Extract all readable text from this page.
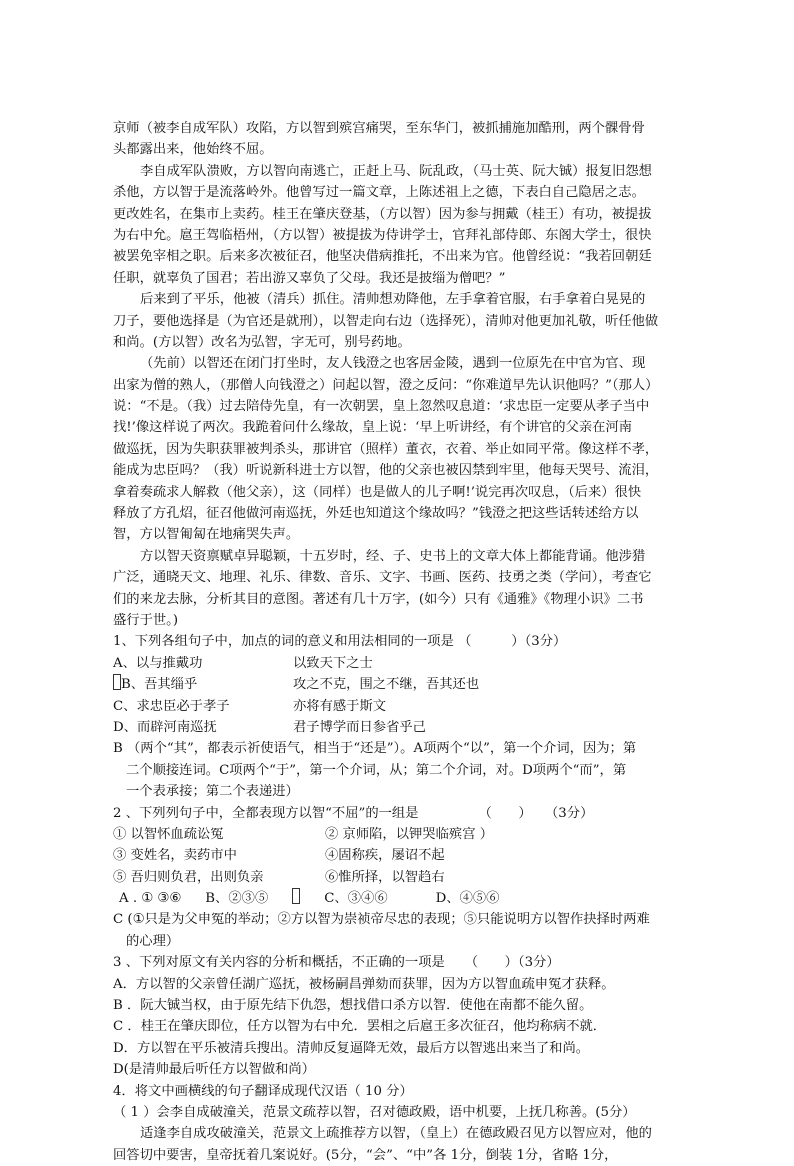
京师（被李自成军队）攻陷，方以智到殡宫痛哭，至东华门，被抓捕施加酷刑，两个髁骨骨
头都露出来，他始终不屈。
李自成军队溃败，方以智向南逃亡，正赶上马、阮乱政，（马士英、阮大铖）报复旧怨想
杀他，方以智于是流落岭外。他曾写过一篇文章，上陈述祖上之德，下表白自己隐居之志。
更改姓名，在集市上卖药。桂王在肇庆登基，（方以智）因为参与拥戴（桂王）有功，被提拔
为右中允。扈王驾临梧州，（方以智）被提拔为侍讲学士，官拜礼部侍郎、东阁大学士，很快
被罢免宰相之职。后来多次被征召，他坚决借病推托，不出来为官。他曾经说：“我若回朝廷
任职，就辜负了国君；若出游又辜负了父母。我还是披缁为僧吧？”
后来到了平乐，他被（清兵）抓住。清帅想劝降他，左手拿着官服，右手拿着白晃晃的
刀子，要他选择是（为官还是就刑），以智走向右边（选择死），清帅对他更加礼敬，听任他做
和尚。(方以智）改名为弘智，字无可，别号药地。
（先前）以智还在闭门打坐时，友人钱澄之也客居金陵，遇到一位原先在中官为官、现
出家为僧的熟人，（那僧人向钱澄之）问起以智，澄之反问：“你难道早先认识他吗？”（那人）
说：“不是。（我）过去陪侍先皇，有一次朝罢，皇上忽然叹息道：‘求忠臣一定要从孝子当中
找!’像这样说了两次。我跪着问什么缘故，皇上说：‘早上听讲经，有个讲官的父亲在河南
做巡抚，因为失职获罪被判杀头，那讲官（照样）董衣，衣着、举止如同平常。像这样不孝，
能成为忠臣吗？（我）听说新科进士方以智，他的父亲也被囚禁到牢里，他每天哭号、流泪，
拿着奏疏求人解救（他父亲），这（同样）也是做人的儿子啊!’说完再次叹息，（后来）很快
释放了方孔炤，征召他做河南巡抚，外廷也知道这个缘故吗？”钱澄之把这些话转述给方以
智，方以智匍匐在地痛哭失声。
方以智天资禀赋卓异聪颖，十五岁时，经、子、史书上的文章大体上都能背诵。他涉猎
广泛，通晓天文、地理、礼乐、律数、音乐、文字、书画、医药、技勇之类（学问），考查它
们的来龙去脉，分析其目的意图。著述有几十万字，(如今）只有《通雅》《物理小识》二书
盛行于世。)
1、下列各组句子中，加点的词的意义和用法相同的一项是 （　　　）（3分）
A、以与推戴功	以致天下之士
B、吾其缁乎	攻之不克，围之不继，吾其还也
C、求忠臣必于孝子	亦将有感于斯文
D、而辟河南巡抚	君子博学而日参省乎己
B （两个“其”，都表示祈使语气，相当于“还是”）。A项两个“以”，第一个介词，因为；第
二个顺接连词。C项两个“于”，第一个介词，从；第二个介词，对。D项两个“而”，第
一个表承接；第二个表递进）
2 、下列列句子中，全都表现方以智“不屈”的一组是	（　　）　　（3分）
① 以智怀血疏讼冤	② 京师陷，以钾哭临殡宫 ）
③ 变姓名，卖药市中	④固称疾，屡诏不起
⑤ 吾归则负君，出则负亲	⑥惟所择，以智趋右
A . ① ③⑥ B、②③⑤	C、③④⑥	D、④⑤⑥
C (①只是为父申冤的举动；②方以智为崇祯帝尽忠的表现；⑤只能说明方以智作抉择时两难
的心理）
3 、下列对原文有关内容的分析和概括，不正确的一项是　　（　　）（3分）
A．方以智的父亲曾任湖广巡抚，被杨嗣昌弹劾而获罪，因为方以智血疏申冤才获释。
B ．阮大铖当权，由于原先结下仇怨，想找借口杀方以智．使他在南都不能久留。
C ．桂王在肇庆即位，任方以智为右中允．罢相之后扈王多次征召，他均称病不就．
D．方以智在平乐被清兵搜出。清帅反复逼降无效，最后方以智逃出来当了和尚。
D(是清帅最后听任方以智做和尚）
4．将文中画横线的句子翻译成现代汉语（ 10 分）
（ 1 ）会李自成破潼关，范景文疏荐以智，召对德政殿，语中机要，上抚几称善。(5分）
适逢李自成攻破潼关，范景文上疏推荐方以智，（皇上）在德政殿召见方以智应对，他的
回答切中要害，皇帝抚着几案说好。(5分，“会”、“中”各 1分，倒装 1分，省略 1分，
